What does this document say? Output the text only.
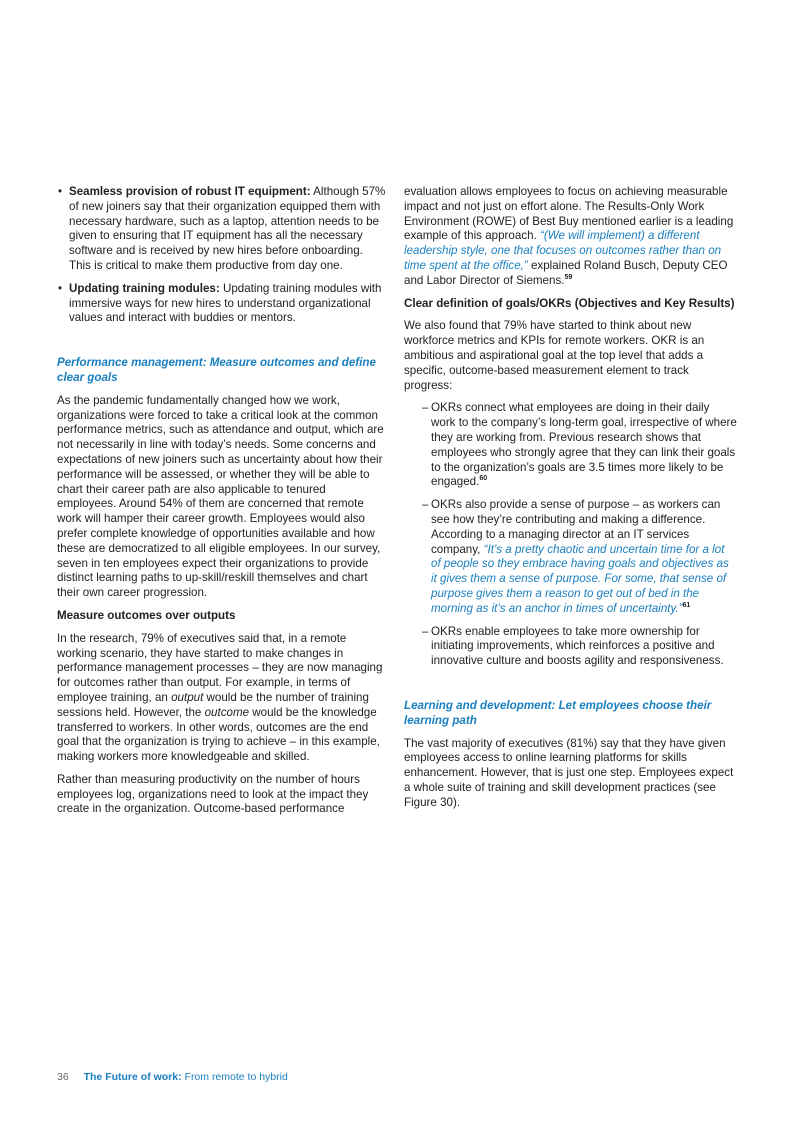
• Seamless provision of robust IT equipment: Although 57% of new joiners say that their organization equipped them with necessary hardware, such as a laptop, attention needs to be given to ensuring that IT equipment has all the necessary software and is received by new hires before onboarding. This is critical to make them productive from day one.
• Updating training modules: Updating training modules with immersive ways for new hires to understand organizational values and interact with buddies or mentors.

Performance management: Measure outcomes and define clear goals

As the pandemic fundamentally changed how we work, organizations were forced to take a critical look at the common performance metrics, such as attendance and output, which are not necessarily in line with today’s needs. Some concerns and expectations of new joiners such as uncertainty about how their performance will be assessed, or whether they will be able to chart their career path are also applicable to tenured employees. Around 54% of them are concerned that remote work will hamper their career growth. Employees would also prefer complete knowledge of opportunities available and how these are democratized to all eligible employees. In our survey, seven in ten employees expect their organizations to provide distinct learning paths to up-skill/reskill themselves and chart their own career progression.

Measure outcomes over outputs

In the research, 79% of executives said that, in a remote working scenario, they have started to make changes in performance management processes – they are now managing for outcomes rather than output. For example, in terms of employee training, an output would be the number of training sessions held. However, the outcome would be the knowledge transferred to workers. In other words, outcomes are the end goal that the organization is trying to achieve – in this example, making workers more knowledgeable and skilled.

Rather than measuring productivity on the number of hours employees log, organizations need to look at the impact they create in the organization. Outcome-based performance

evaluation allows employees to focus on achieving measurable impact and not just on effort alone. The Results-Only Work Environment (ROWE) of Best Buy mentioned earlier is a leading example of this approach. “(We will implement) a different leadership style, one that focuses on outcomes rather than on time spent at the office,” explained Roland Busch, Deputy CEO and Labor Director of Siemens.$^{59}$

Clear definition of goals/OKRs (Objectives and Key Results)

We also found that 79% have started to think about new workforce metrics and KPIs for remote workers. OKR is an ambitious and aspirational goal at the top level that adds a specific, outcome-based measurement element to track progress:

– OKRs connect what employees are doing in their daily work to the company’s long-term goal, irrespective of where they are working from. Previous research shows that employees who strongly agree that they can link their goals to the organization’s goals are 3.5 times more likely to be engaged.$^{60}$
– OKRs also provide a sense of purpose – as workers can see how they’re contributing and making a difference. According to a managing director at an IT services company, “It’s a pretty chaotic and uncertain time for a lot of people so they embrace having goals and objectives as it gives them a sense of purpose. For some, that sense of purpose gives them a reason to get out of bed in the morning as it’s an anchor in times of uncertainty.”$^{61}$
– OKRs enable employees to take more ownership for initiating improvements, which reinforces a positive and innovative culture and boosts agility and responsiveness.

Learning and development: Let employees choose their learning path

The vast majority of executives (81%) say that they have given employees access to online learning platforms for skills enhancement. However, that is just one step. Employees expect a whole suite of training and skill development practices (see Figure 30).

36 The Future of work: From remote to hybrid
